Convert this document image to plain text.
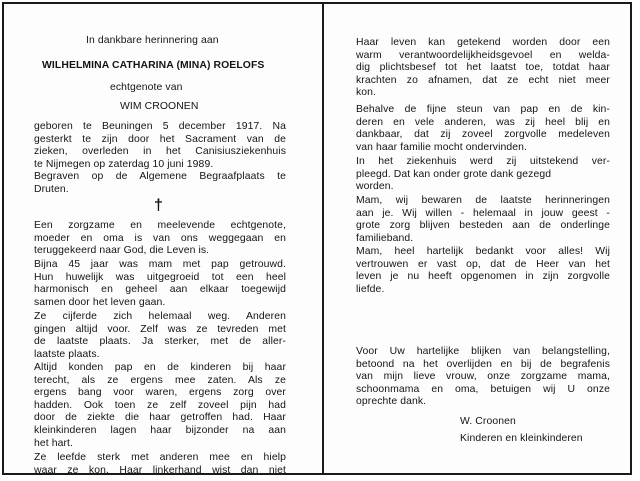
In dankbare herinnering aan
WILHELMINA CATHARINA (MINA) ROELOFS
echtgenote van
WIM CROONEN
geboren te Beuningen 5 december 1917. Na
gesterkt te zijn door het Sacrament van de
zieken, overleden in het Canisiusziekenhuis
te Nijmegen op zaterdag 10 juni 1989.
Begraven op de Algemene Begraafplaats te
Druten.
†
Een zorgzame en meelevende echtgenote,
moeder en oma is van ons weggegaan en
teruggekeerd naar God, die Leven is.
Bijna 45 jaar was mam met pap getrouwd.
Hun huwelijk was uitgegroeid tot een heel
harmonisch en geheel aan elkaar toegewijd
samen door het leven gaan.
Ze cijferde zich helemaal weg. Anderen
gingen altijd voor. Zelf was ze tevreden met
de laatste plaats. Ja sterker, met de aller-
laatste plaats.
Altijd konden pap en de kinderen bij haar
terecht, als ze ergens mee zaten. Als ze
ergens bang voor waren, ergens zorg over
hadden. Ook toen ze zelf zoveel pijn had
door de ziekte die haar getroffen had. Haar
kleinkinderen lagen haar bijzonder na aan
het hart.
Ze leefde sterk met anderen mee en hielp
waar ze kon. Haar linkerhand wist dan niet
Haar leven kan getekend worden door een
warm verantwoordelijkheidsgevoel en welda-
dig plichtsbesef tot het laatst toe, totdat haar
krachten zo afnamen, dat ze echt niet meer
kon.
Behalve de fijne steun van pap en de kin-
deren en vele anderen, was zij heel blij en
dankbaar, dat zij zoveel zorgvolle medeleven
van haar familie mocht ondervinden.
In het ziekenhuis werd zij uitstekend ver-
pleegd. Dat kan onder grote dank gezegd
worden.
Mam, wij bewaren de laatste herinneringen
aan je. Wij willen - helemaal in jouw geest -
grote zorg blijven besteden aan de onderlinge
familieband.
Mam, heel hartelijk bedankt voor alles! Wij
vertrouwen er vast op, dat de Heer van het
leven je nu heeft opgenomen in zijn zorgvolle
liefde.
Voor Uw hartelijke blijken van belangstelling,
betoond na het overlijden en bij de begrafenis
van mijn lieve vrouw, onze zorgzame mama,
schoonmama en oma, betuigen wij U onze
oprechte dank.
W. Croonen
Kinderen en kleinkinderen
